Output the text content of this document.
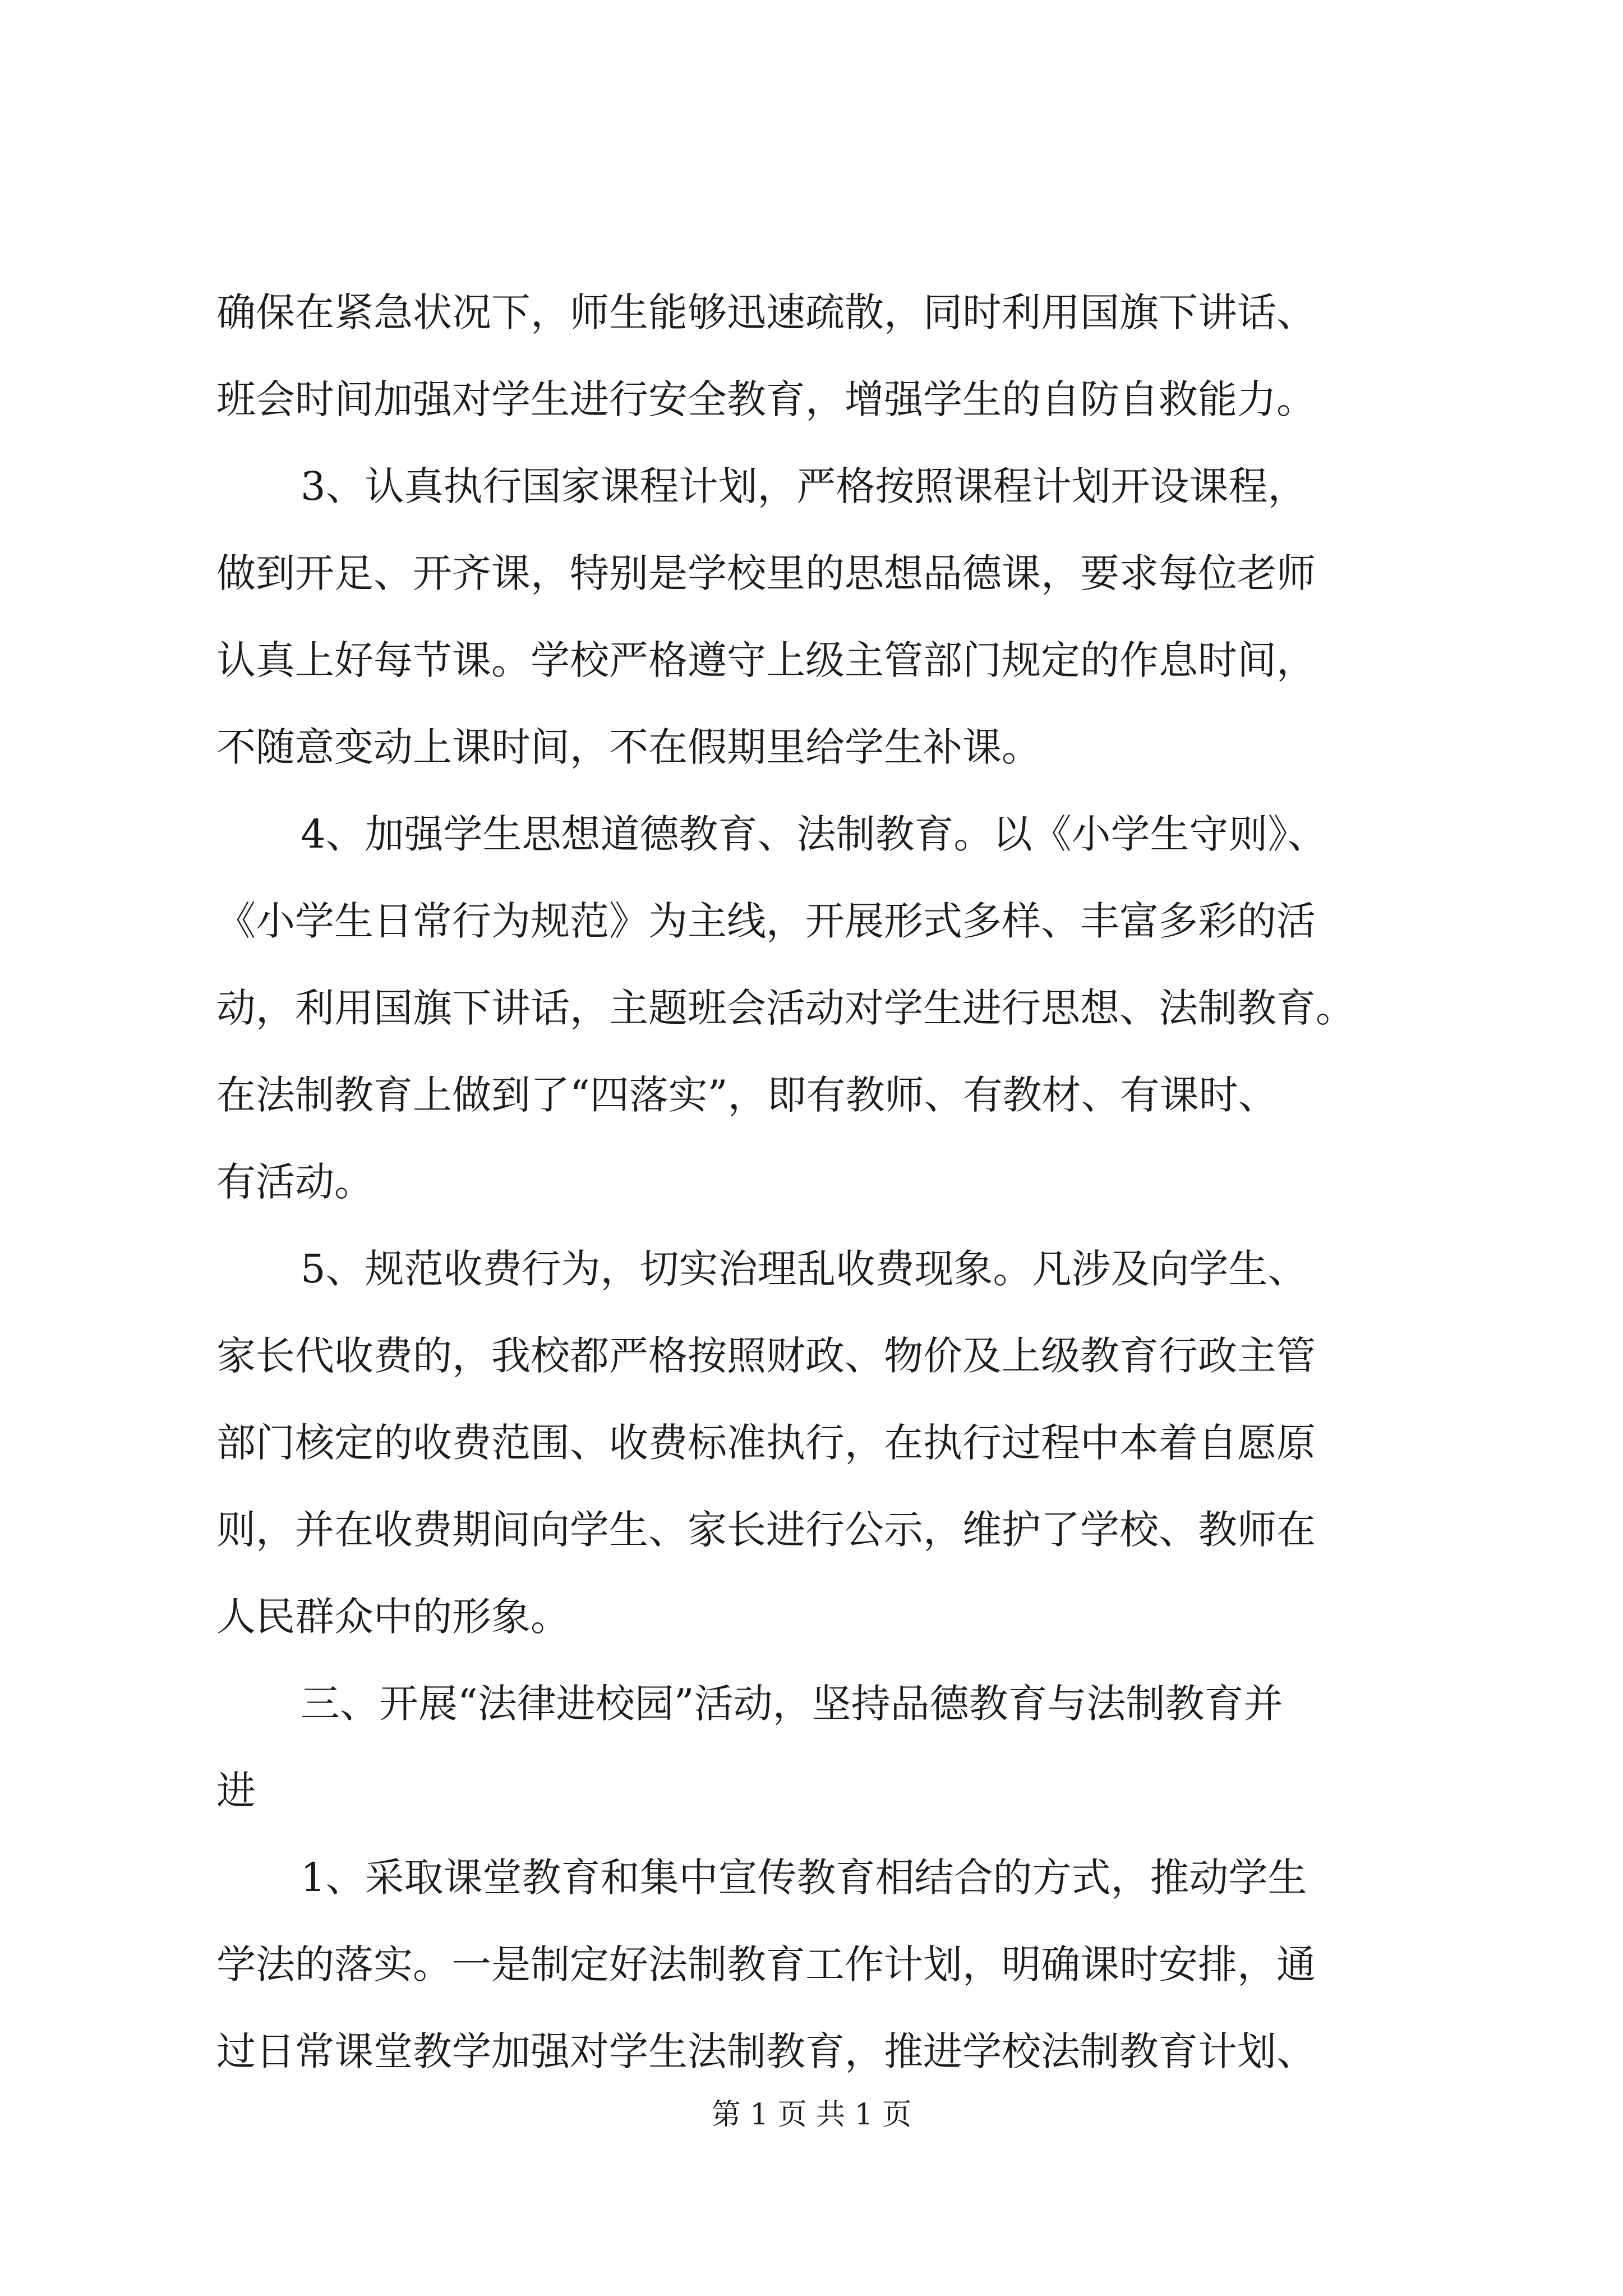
确保在紧急状况下，师生能够迅速疏散，同时利用国旗下讲话、
班会时间加强对学生进行安全教育，增强学生的自防自救能力。
3、认真执行国家课程计划，严格按照课程计划开设课程，
做到开足、开齐课，特别是学校里的思想品德课，要求每位老师
认真上好每节课。学校严格遵守上级主管部门规定的作息时间，
不随意变动上课时间，不在假期里给学生补课。
4、加强学生思想道德教育、法制教育。以《小学生守则》、
《小学生日常行为规范》为主线，开展形式多样、丰富多彩的活
动，利用国旗下讲话，主题班会活动对学生进行思想、法制教育。
在法制教育上做到了“四落实”，即有教师、有教材、有课时、
有活动。
5、规范收费行为，切实治理乱收费现象。凡涉及向学生、
家长代收费的，我校都严格按照财政、物价及上级教育行政主管
部门核定的收费范围、收费标准执行，在执行过程中本着自愿原
则，并在收费期间向学生、家长进行公示，维护了学校、教师在
人民群众中的形象。
三、开展“法律进校园”活动，坚持品德教育与法制教育并
进
1、采取课堂教育和集中宣传教育相结合的方式，推动学生
学法的落实。一是制定好法制教育工作计划，明确课时安排，通
过日常课堂教学加强对学生法制教育，推进学校法制教育计划、
第 1 页 共 1 页
